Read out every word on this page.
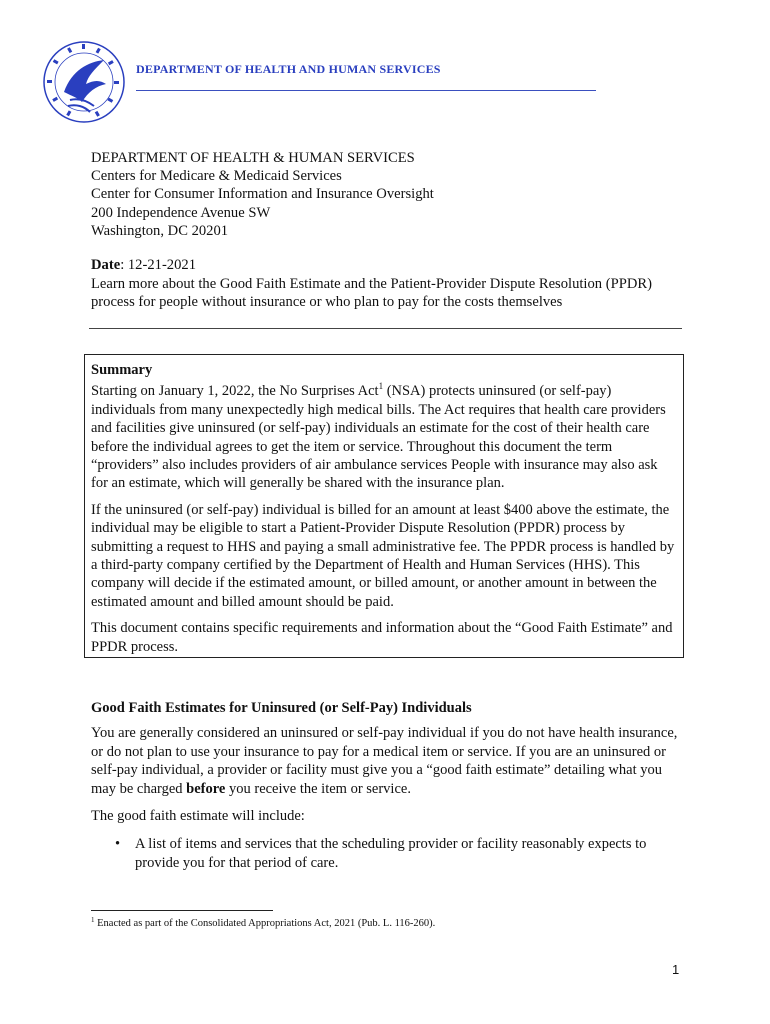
DEPARTMENT OF HEALTH AND HUMAN SERVICES
DEPARTMENT OF HEALTH & HUMAN SERVICES
Centers for Medicare & Medicaid Services
Center for Consumer Information and Insurance Oversight
200 Independence Avenue SW
Washington, DC 20201
Date: 12-21-2021
Learn more about the Good Faith Estimate and the Patient-Provider Dispute Resolution (PPDR) process for people without insurance or who plan to pay for the costs themselves
Summary

Starting on January 1, 2022, the No Surprises Act$^1$ (NSA) protects uninsured (or self-pay) individuals from many unexpectedly high medical bills. The Act requires that health care providers and facilities give uninsured (or self-pay) individuals an estimate for the cost of their health care before the individual agrees to get the item or service. Throughout this document the term “providers” also includes providers of air ambulance services People with insurance may also ask for an estimate, which will generally be shared with the insurance plan.

If the uninsured (or self-pay) individual is billed for an amount at least $400 above the estimate, the individual may be eligible to start a Patient-Provider Dispute Resolution (PPDR) process by submitting a request to HHS and paying a small administrative fee. The PPDR process is handled by a third-party company certified by the Department of Health and Human Services (HHS). This company will decide if the estimated amount, or billed amount, or another amount in between the estimated amount and billed amount should be paid.

This document contains specific requirements and information about the “Good Faith Estimate” and PPDR process.

Good Faith Estimates for Uninsured (or Self-Pay) Individuals

You are generally considered an uninsured or self-pay individual if you do not have health insurance, or do not plan to use your insurance to pay for a medical item or service. If you are an uninsured or self-pay individual, a provider or facility must give you a “good faith estimate” detailing what you may be charged before you receive the item or service.

The good faith estimate will include:

• A list of items and services that the scheduling provider or facility reasonably expects to provide you for that period of care.
$^1$ Enacted as part of the Consolidated Appropriations Act, 2021 (Pub. L. 116-260).
1
